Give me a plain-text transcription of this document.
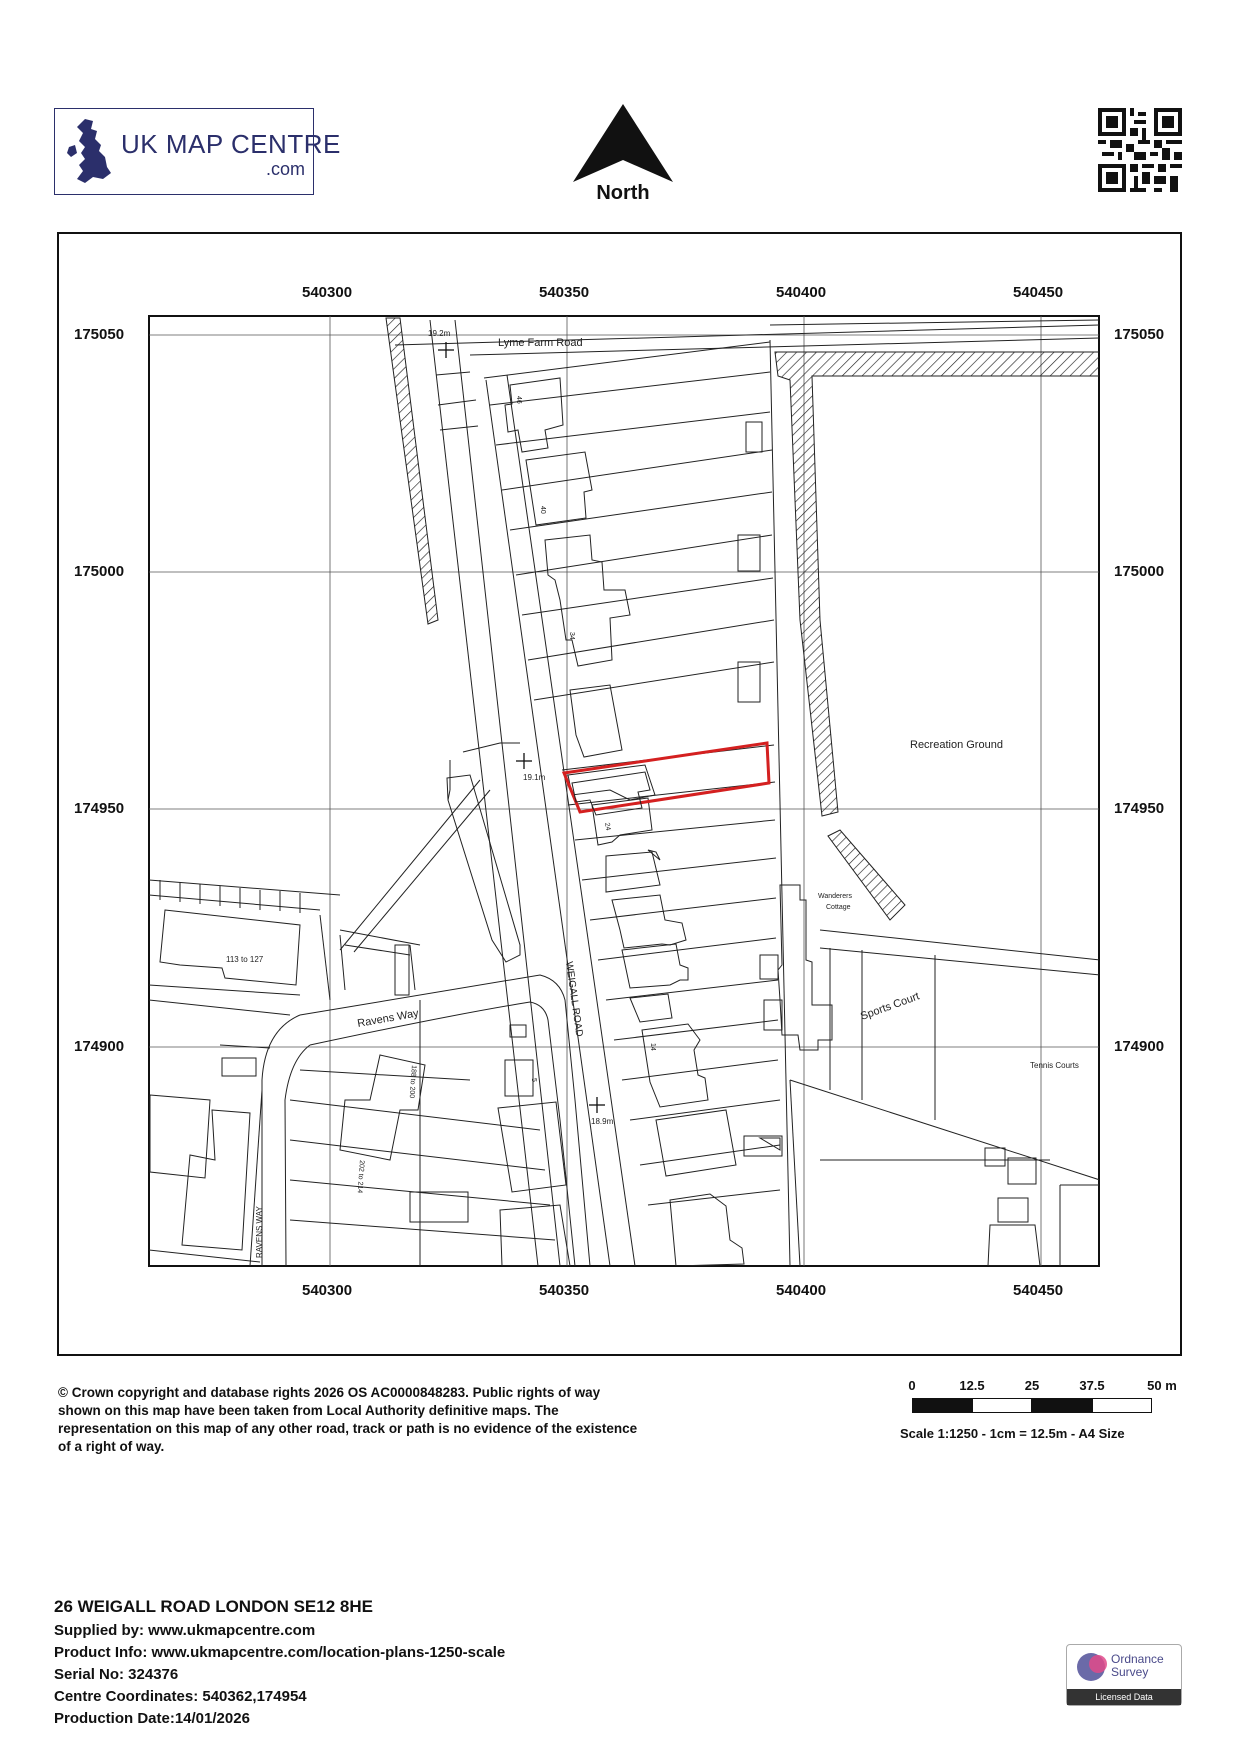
UK MAP CENTRE
.com
North
Lyme Farm Road
19.2m
19.1m
18.9m
Recreation Ground
Wanderers
Cottage
Sports Court
Tennis Courts
WEIGALL ROAD
Ravens Way
RAVENS WAY
46
40
34
24
14
5
113 to 127
188 to 200
202 to 214
540300	540350	540400	540450
540300	540350	540400	540450
175050
175000
174950
174900
175050
175000
174950
174900
© Crown copyright and database rights 2026 OS AC0000848283. Public rights of way shown on this map have been taken from Local Authority definitive maps. The representation on this map of any other road, track or path is no evidence of the existence of a right of way.
0	12.5	25	37.5	50 m
Scale 1:1250 - 1cm = 12.5m - A4 Size
26 WEIGALL ROAD LONDON SE12 8HE
Supplied by: www.ukmapcentre.com
Product Info: www.ukmapcentre.com/location-plans-1250-scale
Serial No: 324376
Centre Coordinates: 540362,174954
Production Date:14/01/2026
Ordnance
Survey
Licensed Data
